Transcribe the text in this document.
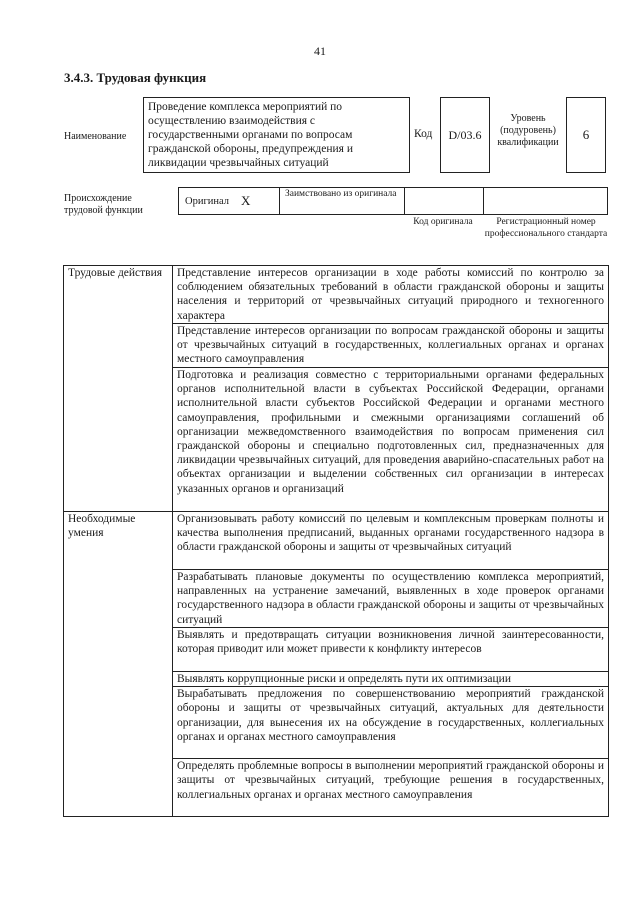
41
3.4.3. Трудовая функция
Наименование
Проведение комплекса мероприятий по осуществлению взаимодействия с государственными органами по вопросам гражданской обороны, предупреждения и ликвидации чрезвычайных ситуаций
Код	D/03.6
Уровень (подуровень) квалификации
6
Происхождение трудовой функции
Оригинал X	Заимствовано из оригинала
Код оригинала	Регистрационный номер профессионального стандарта
Трудовые действия	Представление интересов организации в ходе работы комиссий по контролю за соблюдением обязательных требований в области гражданской обороны и защиты населения и территорий от чрезвычайных ситуаций природного и техногенного характера
	Представление интересов организации по вопросам гражданской обороны и защиты от чрезвычайных ситуаций в государственных, коллегиальных органах и органах местного самоуправления
	Подготовка и реализация совместно с территориальными органами федеральных органов исполнительной власти в субъектах Российской Федерации, органами исполнительной власти субъектов Российской Федерации и органами местного самоуправления, профильными и смежными организациями соглашений об организации межведомственного взаимодействия по вопросам применения сил гражданской обороны и специально подготовленных сил, предназначенных для ликвидации чрезвычайных ситуаций, для проведения аварийно-спасательных работ на объектах организации и выделении собственных сил организации в интересах указанных органов и организаций
Необходимые умения	Организовывать работу комиссий по целевым и комплексным проверкам полноты и качества выполнения предписаний, выданных органами государственного надзора в области гражданской обороны и защиты от чрезвычайных ситуаций
	Разрабатывать плановые документы по осуществлению комплекса мероприятий, направленных на устранение замечаний, выявленных в ходе проверок органами государственного надзора в области гражданской обороны и защиты от чрезвычайных ситуаций
	Выявлять и предотвращать ситуации возникновения личной заинтересованности, которая приводит или может привести к конфликту интересов
	Выявлять коррупционные риски и определять пути их оптимизации
	Вырабатывать предложения по совершенствованию мероприятий гражданской обороны и защиты от чрезвычайных ситуаций, актуальных для деятельности организации, для вынесения их на обсуждение в государственных, коллегиальных органах и органах местного самоуправления
	Определять проблемные вопросы в выполнении мероприятий гражданской обороны и защиты от чрезвычайных ситуаций, требующие решения в государственных, коллегиальных органах и органах местного самоуправления
